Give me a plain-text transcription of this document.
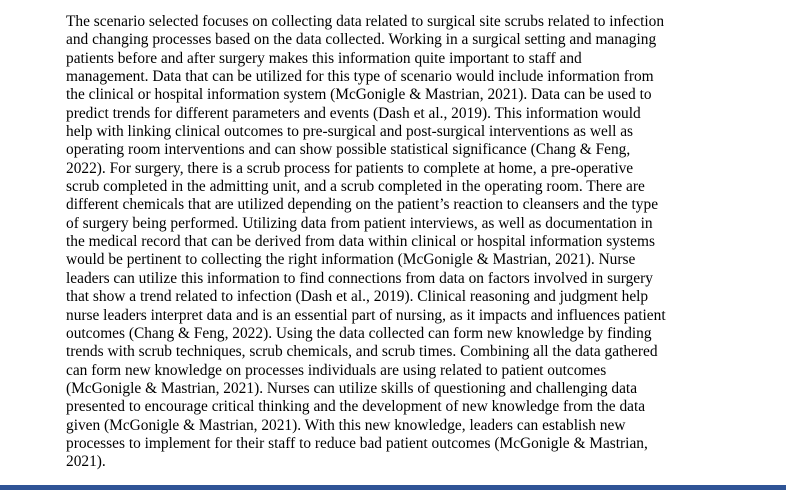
The scenario selected focuses on collecting data related to surgical site scrubs related to infection
and changing processes based on the data collected. Working in a surgical setting and managing
patients before and after surgery makes this information quite important to staff and
management. Data that can be utilized for this type of scenario would include information from
the clinical or hospital information system (McGonigle & Mastrian, 2021). Data can be used to
predict trends for different parameters and events (Dash et al., 2019). This information would
help with linking clinical outcomes to pre-surgical and post-surgical interventions as well as
operating room interventions and can show possible statistical significance (Chang & Feng,
2022). For surgery, there is a scrub process for patients to complete at home, a pre-operative
scrub completed in the admitting unit, and a scrub completed in the operating room. There are
different chemicals that are utilized depending on the patient’s reaction to cleansers and the type
of surgery being performed. Utilizing data from patient interviews, as well as documentation in
the medical record that can be derived from data within clinical or hospital information systems
would be pertinent to collecting the right information (McGonigle & Mastrian, 2021). Nurse
leaders can utilize this information to find connections from data on factors involved in surgery
that show a trend related to infection (Dash et al., 2019). Clinical reasoning and judgment help
nurse leaders interpret data and is an essential part of nursing, as it impacts and influences patient
outcomes (Chang & Feng, 2022). Using the data collected can form new knowledge by finding
trends with scrub techniques, scrub chemicals, and scrub times. Combining all the data gathered
can form new knowledge on processes individuals are using related to patient outcomes
(McGonigle & Mastrian, 2021). Nurses can utilize skills of questioning and challenging data
presented to encourage critical thinking and the development of new knowledge from the data
given (McGonigle & Mastrian, 2021). With this new knowledge, leaders can establish new
processes to implement for their staff to reduce bad patient outcomes (McGonigle & Mastrian,
2021).
